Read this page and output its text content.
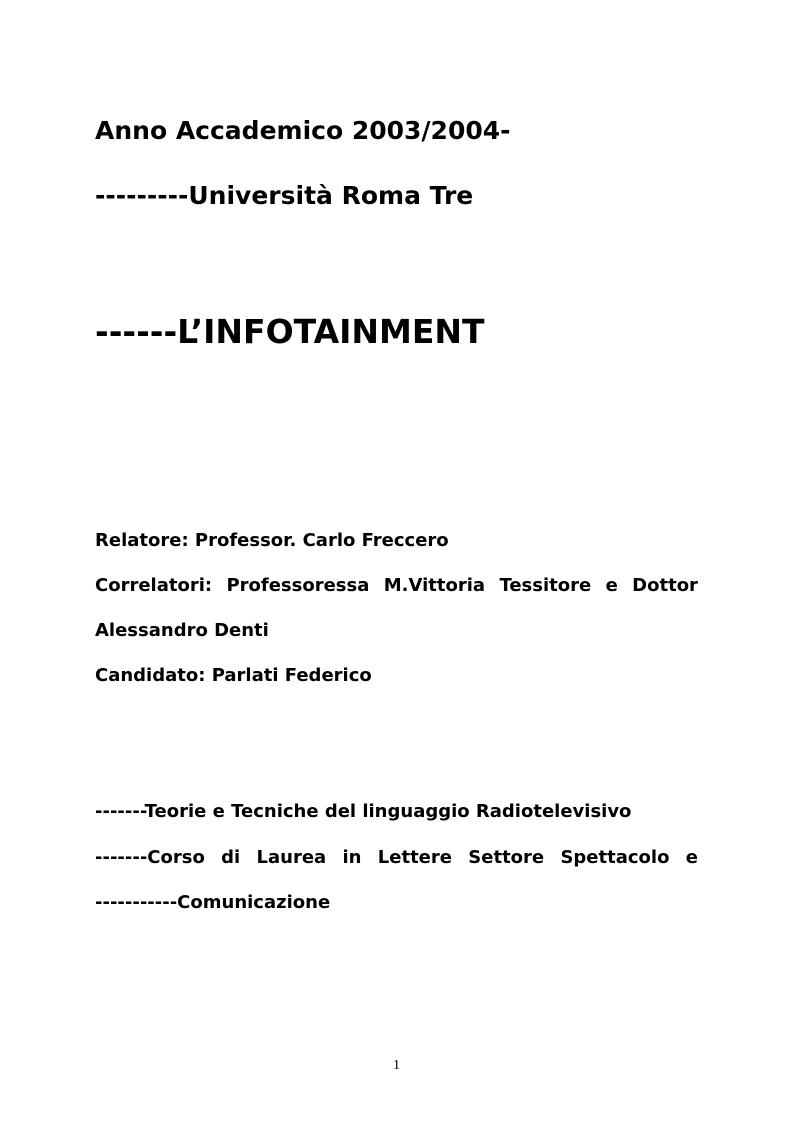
Anno Accademico 2003/2004-

---------Università Roma Tre

------L’INFOTAINMENT

Relatore: Professor. Carlo Freccero

Correlatori: Professoressa M.Vittoria Tessitore e Dottor

Alessandro Denti

Candidato: Parlati Federico

-------Teorie e Tecniche del linguaggio Radiotelevisivo

-------Corso di Laurea in Lettere Settore Spettacolo e

-----------Comunicazione

1
